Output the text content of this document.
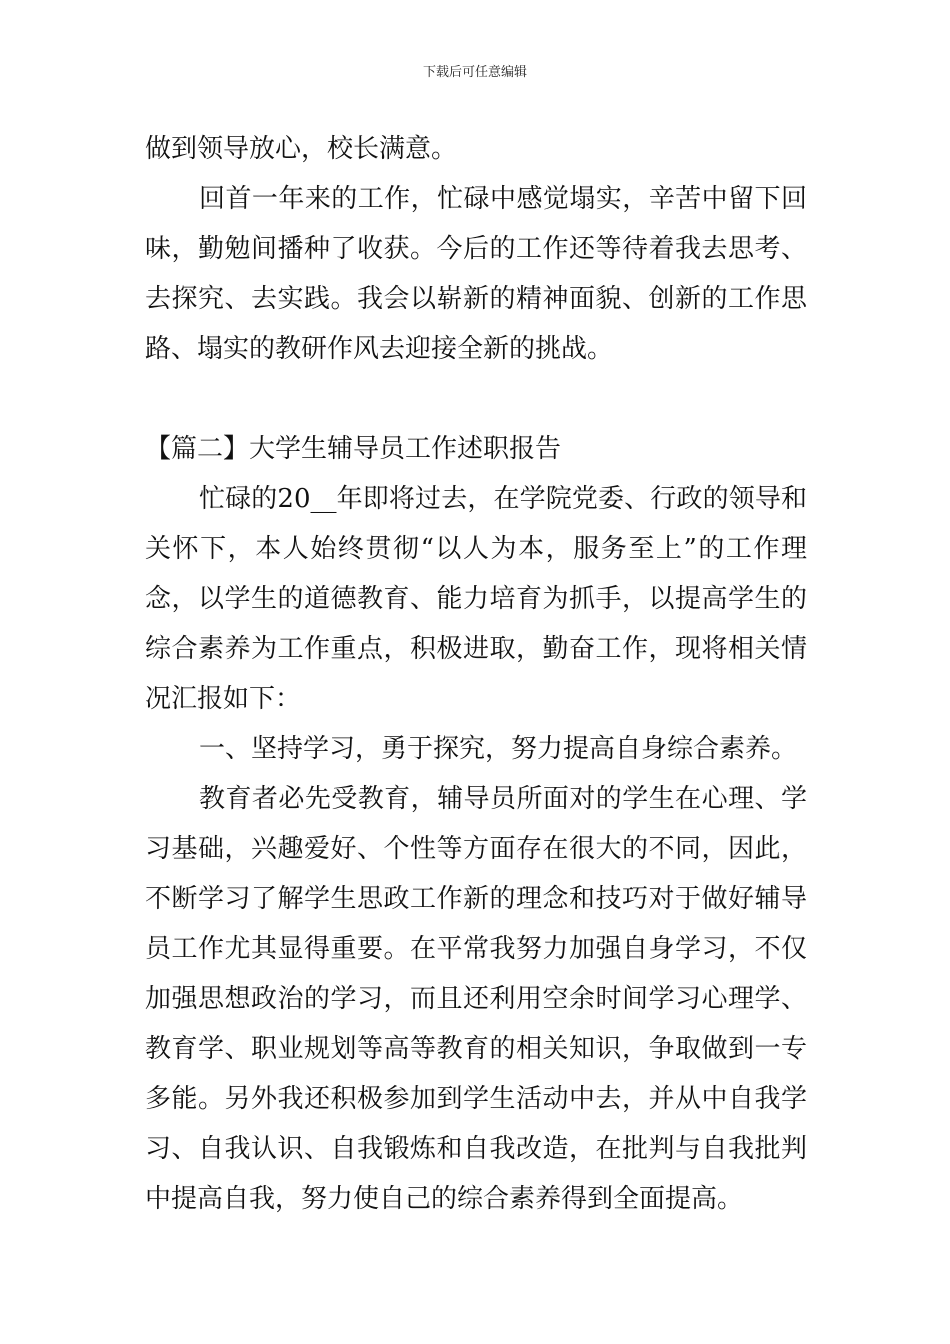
下载后可任意编辑

做到领导放心，校长满意。

回首一年来的工作，忙碌中感觉塌实，辛苦中留下回味，勤勉间播种了收获。今后的工作还等待着我去思考、去探究、去实践。我会以崭新的精神面貌、创新的工作思路、塌实的教研作风去迎接全新的挑战。

【篇二】大学生辅导员工作述职报告

忙碌的20__年即将过去，在学院党委、行政的领导和关怀下，本人始终贯彻“以人为本，服务至上”的工作理念，以学生的道德教育、能力培育为抓手，以提高学生的综合素养为工作重点，积极进取，勤奋工作，现将相关情况汇报如下：

一、坚持学习，勇于探究，努力提高自身综合素养。

教育者必先受教育，辅导员所面对的学生在心理、学习基础，兴趣爱好、个性等方面存在很大的不同，因此，不断学习了解学生思政工作新的理念和技巧对于做好辅导员工作尤其显得重要。在平常我努力加强自身学习，不仅加强思想政治的学习，而且还利用空余时间学习心理学、教育学、职业规划等高等教育的相关知识，争取做到一专多能。另外我还积极参加到学生活动中去，并从中自我学习、自我认识、自我锻炼和自我改造，在批判与自我批判中提高自我，努力使自己的综合素养得到全面提高。
